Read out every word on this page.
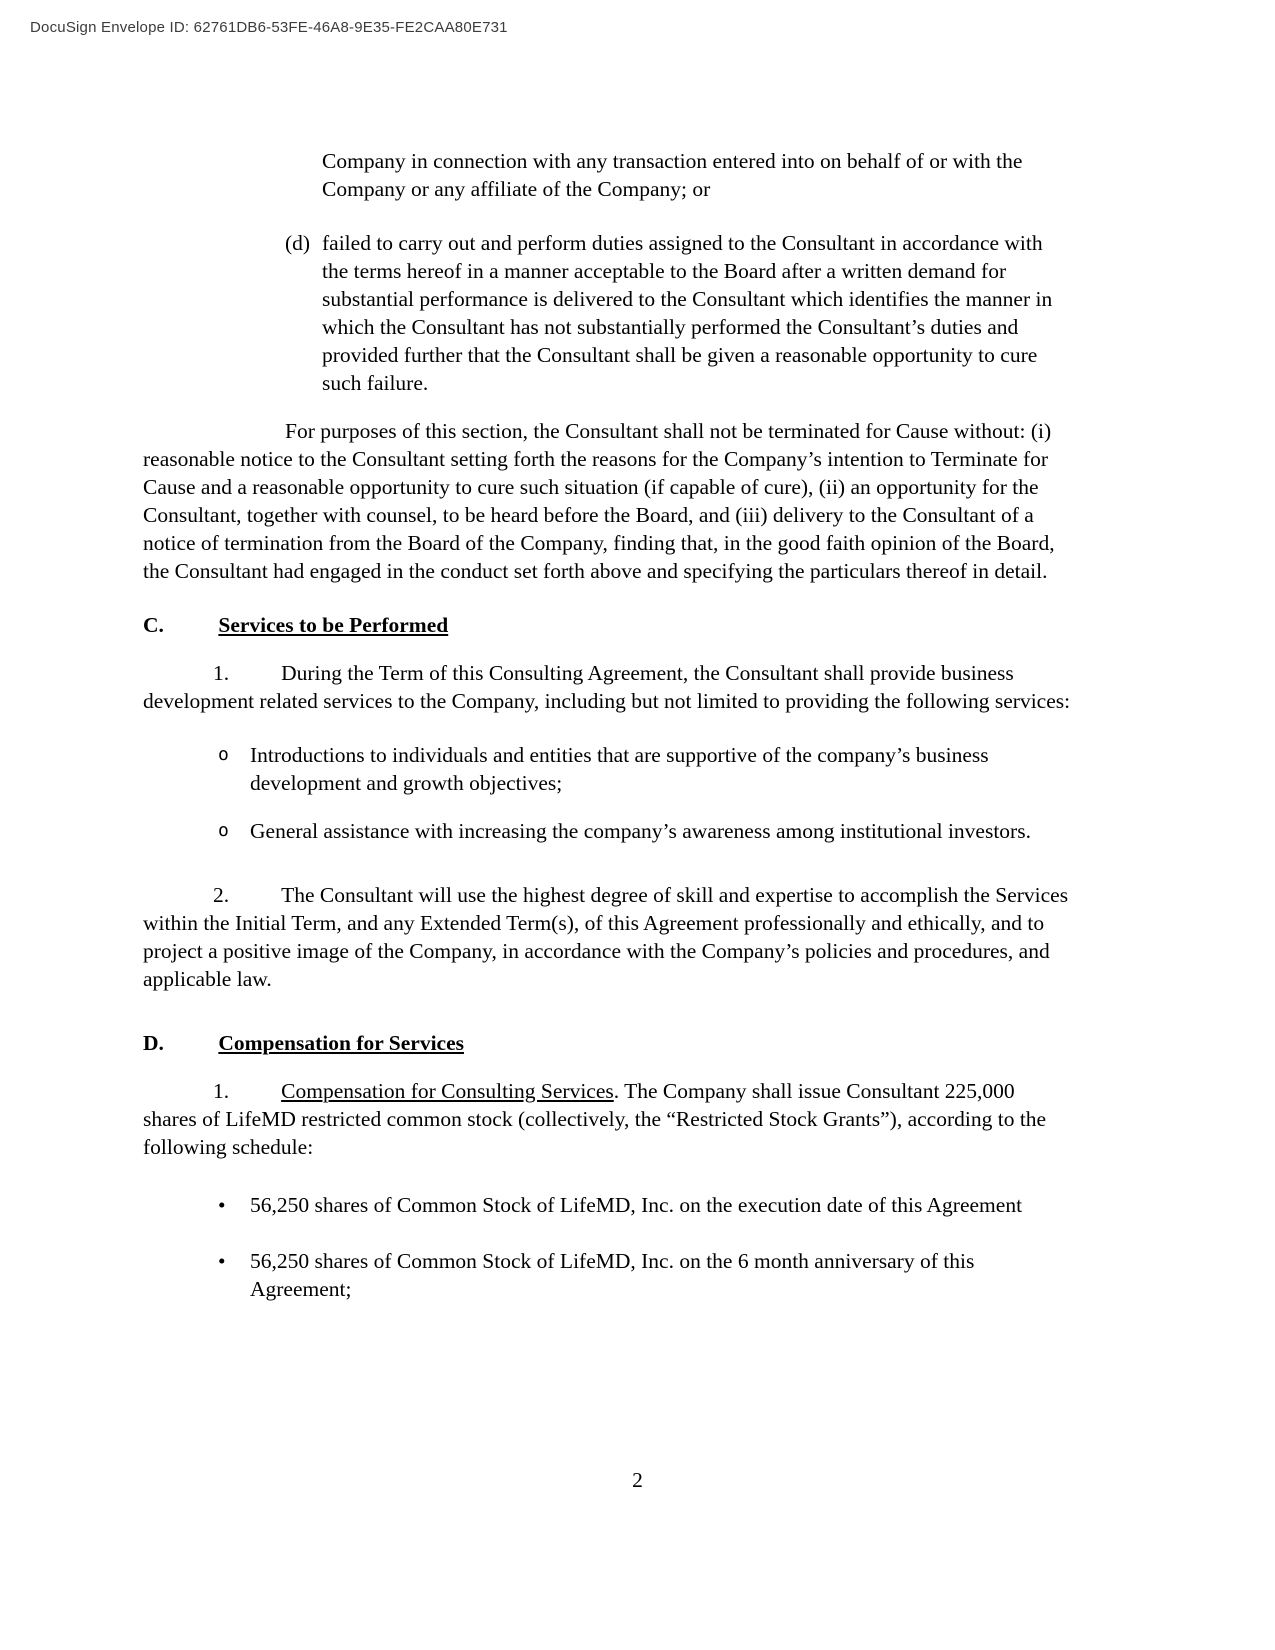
DocuSign Envelope ID: 62761DB6-53FE-46A8-9E35-FE2CAA80E731

Company in connection with any transaction entered into on behalf of or with the Company or any affiliate of the Company; or

(d) failed to carry out and perform duties assigned to the Consultant in accordance with the terms hereof in a manner acceptable to the Board after a written demand for substantial performance is delivered to the Consultant which identifies the manner in which the Consultant has not substantially performed the Consultant’s duties and provided further that the Consultant shall be given a reasonable opportunity to cure such failure.

For purposes of this section, the Consultant shall not be terminated for Cause without: (i) reasonable notice to the Consultant setting forth the reasons for the Company’s intention to Terminate for Cause and a reasonable opportunity to cure such situation (if capable of cure), (ii) an opportunity for the Consultant, together with counsel, to be heard before the Board, and (iii) delivery to the Consultant of a notice of termination from the Board of the Company, finding that, in the good faith opinion of the Board, the Consultant had engaged in the conduct set forth above and specifying the particulars thereof in detail.

C.	Services to be Performed

1. During the Term of this Consulting Agreement, the Consultant shall provide business development related services to the Company, including but not limited to providing the following services:

o Introductions to individuals and entities that are supportive of the company’s business development and growth objectives;
o General assistance with increasing the company’s awareness among institutional investors.

2. The Consultant will use the highest degree of skill and expertise to accomplish the Services within the Initial Term, and any Extended Term(s), of this Agreement professionally and ethically, and to project a positive image of the Company, in accordance with the Company’s policies and procedures, and applicable law.

D.	Compensation for Services

1. Compensation for Consulting Services. The Company shall issue Consultant 225,000 shares of LifeMD restricted common stock (collectively, the “Restricted Stock Grants”), according to the following schedule:

• 56,250 shares of Common Stock of LifeMD, Inc. on the execution date of this Agreement
• 56,250 shares of Common Stock of LifeMD, Inc. on the 6 month anniversary of this Agreement;
2
